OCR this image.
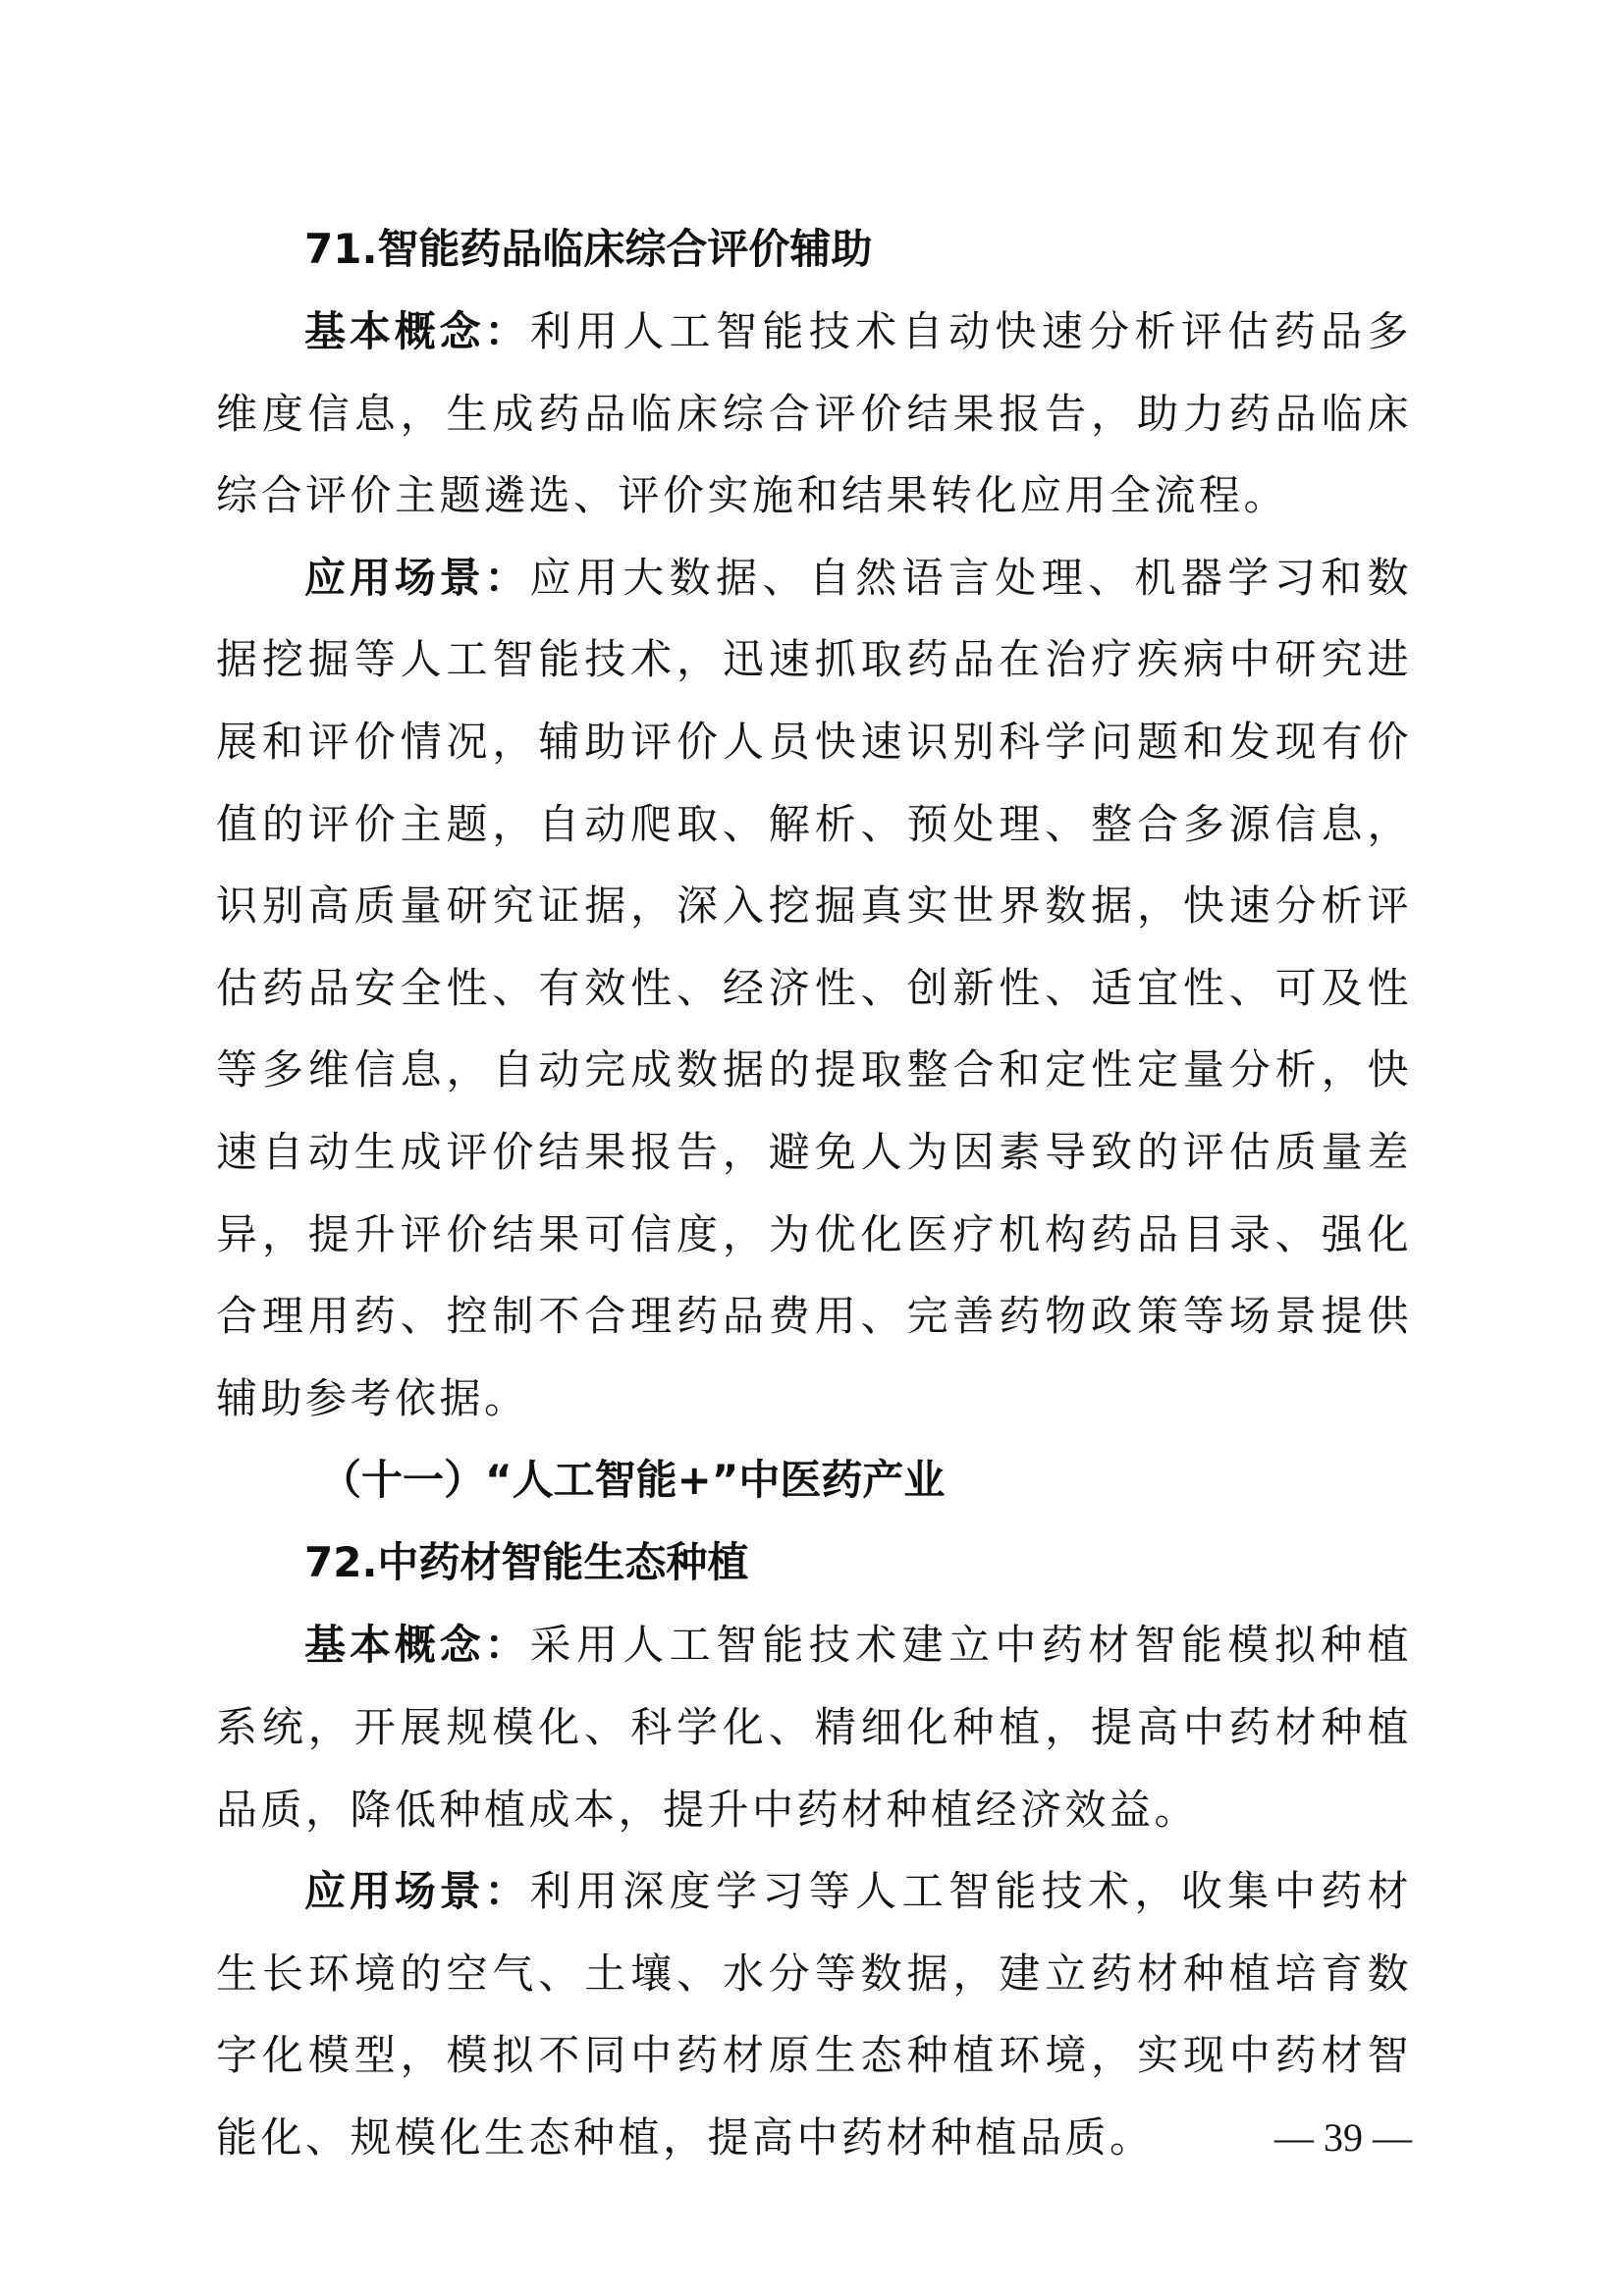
71.智能药品临床综合评价辅助

基本概念：利用人工智能技术自动快速分析评估药品多维度信息，生成药品临床综合评价结果报告，助力药品临床综合评价主题遴选、评价实施和结果转化应用全流程。

应用场景：应用大数据、自然语言处理、机器学习和数据挖掘等人工智能技术，迅速抓取药品在治疗疾病中研究进展和评价情况，辅助评价人员快速识别科学问题和发现有价值的评价主题，自动爬取、解析、预处理、整合多源信息，识别高质量研究证据，深入挖掘真实世界数据，快速分析评估药品安全性、有效性、经济性、创新性、适宜性、可及性等多维信息，自动完成数据的提取整合和定性定量分析，快速自动生成评价结果报告，避免人为因素导致的评估质量差异，提升评价结果可信度，为优化医疗机构药品目录、强化合理用药、控制不合理药品费用、完善药物政策等场景提供辅助参考依据。

（十一）“人工智能+”中医药产业

72.中药材智能生态种植

基本概念：采用人工智能技术建立中药材智能模拟种植系统，开展规模化、科学化、精细化种植，提高中药材种植品质，降低种植成本，提升中药材种植经济效益。

应用场景：利用深度学习等人工智能技术，收集中药材生长环境的空气、土壤、水分等数据，建立药材种植培育数字化模型，模拟不同中药材原生态种植环境，实现中药材智能化、规模化生态种植，提高中药材种植品质。	— 39 —
